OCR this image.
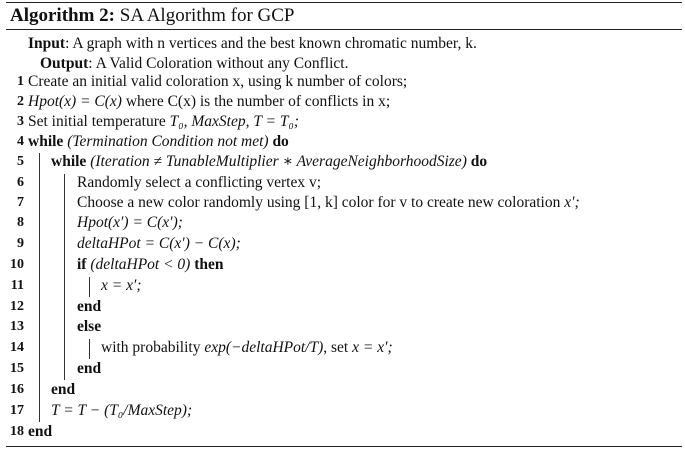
Algorithm 2: SA Algorithm for GCP
Input: A graph with n vertices and the best known chromatic number, k.
Output: A Valid Coloration without any Conflict.
1 Create an initial valid coloration x, using k number of colors;
2 Hpot(x) = C(x) where C(x) is the number of conflicts in x;
3 Set initial temperature T₀, MaxStep, T = T₀;
4 while (Termination Condition not met) do
5 while (Iteration ≠ TunableMultiplier ∗ AverageNeighborhoodSize) do
6	Randomly select a conflicting vertex v;
7	Choose a new color randomly using [1, k] color for v to create new coloration x′;
8	Hpot(x′) = C(x′);
9	deltaHPot = C(x′) − C(x);
10	if (deltaHPot < 0) then
11	x = x′;
12	end
13	else
14	with probability exp(−deltaHPot/T), set x = x′;
15	end
16 end
17 T = T − (T₀/MaxStep);
18 end
